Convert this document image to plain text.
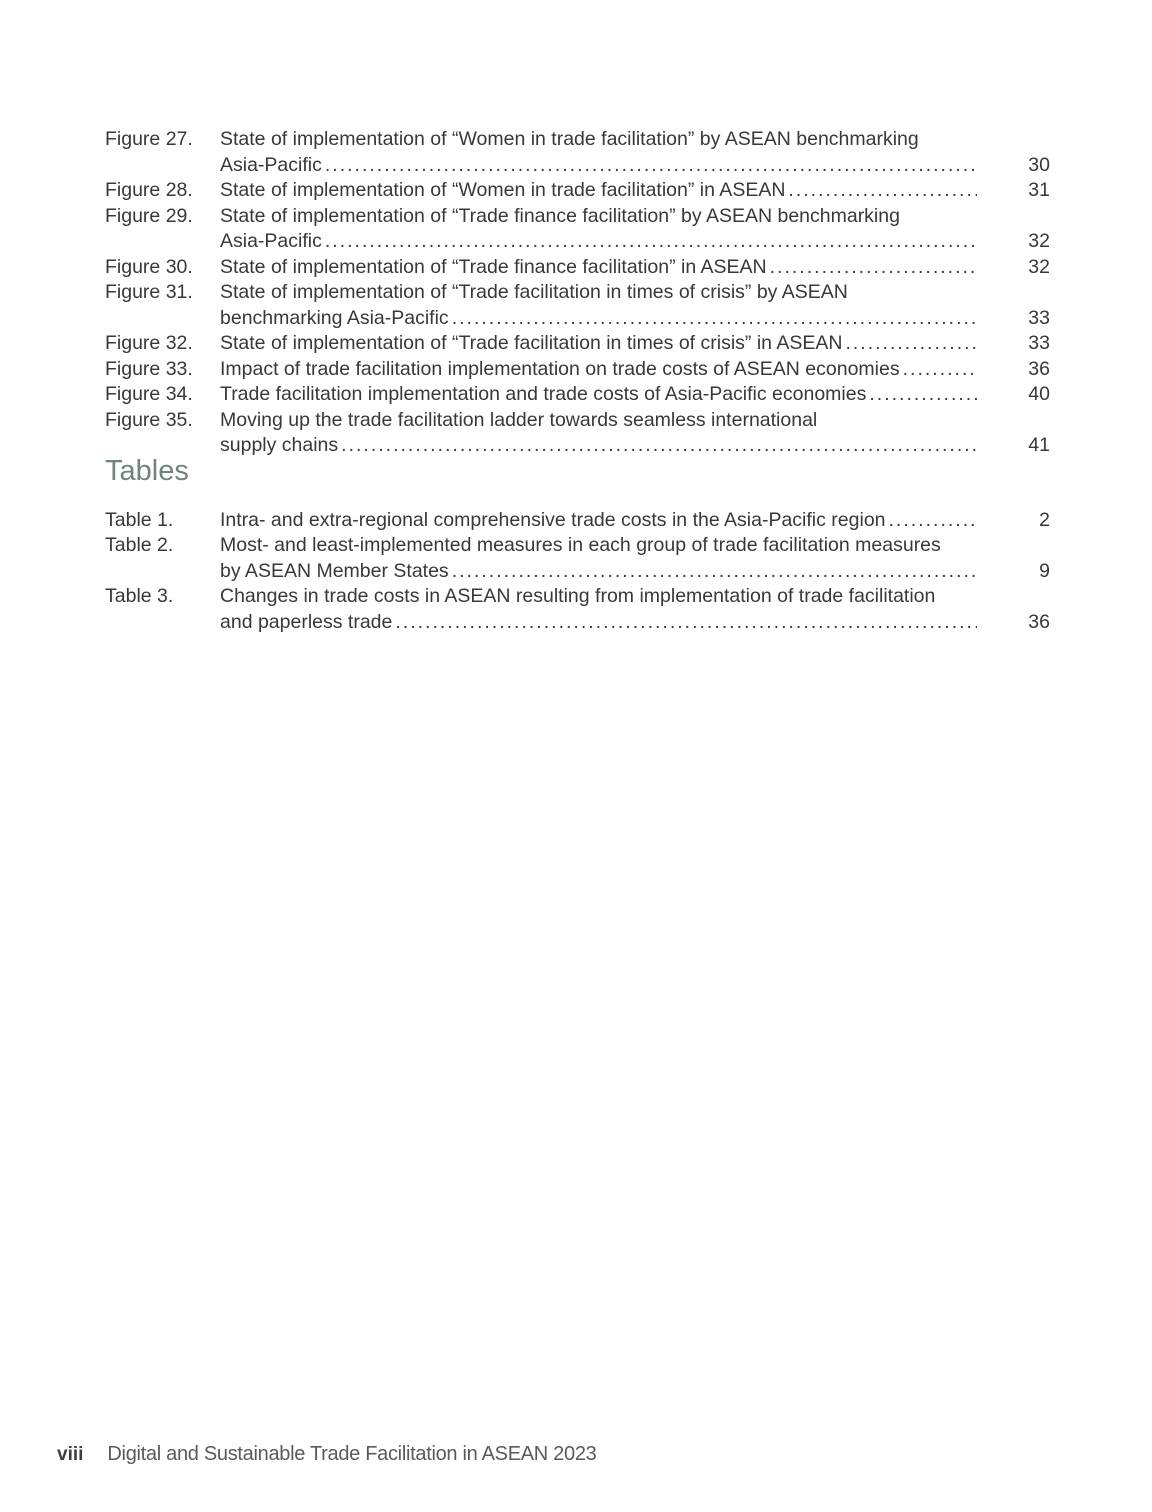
Figure 27.	State of implementation of “Women in trade facilitation” by ASEAN benchmarking
Asia-Pacific .....	30
Figure 28.	State of implementation of “Women in trade facilitation” in ASEAN .....	31
Figure 29.	State of implementation of “Trade finance facilitation” by ASEAN benchmarking
Asia-Pacific .....	32
Figure 30.	State of implementation of “Trade finance facilitation” in ASEAN .....	32
Figure 31.	State of implementation of “Trade facilitation in times of crisis” by ASEAN
benchmarking Asia-Pacific .....	33
Figure 32.	State of implementation of “Trade facilitation in times of crisis” in ASEAN .....	33
Figure 33.	Impact of trade facilitation implementation on trade costs of ASEAN economies .....	36
Figure 34.	Trade facilitation implementation and trade costs of Asia-Pacific economies .....	40
Figure 35.	Moving up the trade facilitation ladder towards seamless international
supply chains .....	41
Tables
Table 1.	Intra- and extra-regional comprehensive trade costs in the Asia-Pacific region .....	2
Table 2.	Most- and least-implemented measures in each group of trade facilitation measures
by ASEAN Member States .....	9
Table 3.	Changes in trade costs in ASEAN resulting from implementation of trade facilitation
and paperless trade .....	36
viii Digital and Sustainable Trade Facilitation in ASEAN 2023
